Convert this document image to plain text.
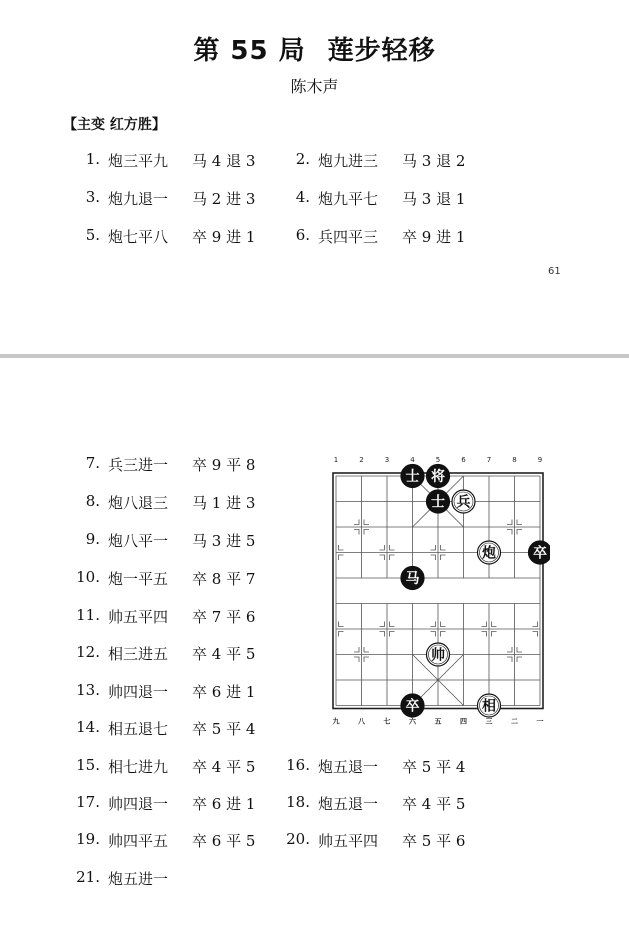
第 55 局 莲步轻移
陈木声
【主变 红方胜】
61
1. 炮三平九	马 4 退 3	2. 炮九进三	马 3 退 2
3. 炮九退一	马 2 进 3	4. 炮九平七	马 3 退 1
5. 炮七平八	卒 9 进 1	6. 兵四平三	卒 9 进 1
7. 兵三进一	卒 9 平 8
8. 炮八退三	马 1 进 3
9. 炮八平一	马 3 进 5
10. 炮一平五	卒 8 平 7
11. 帅五平四	卒 7 平 6
12. 相三进五	卒 4 平 5
13. 帅四退一	卒 6 进 1
14. 相五退七	卒 5 平 4
15. 相七进九	卒 4 平 5	16. 炮五退一	卒 5 平 4
17. 帅四退一	卒 6 进 1	18. 炮五退一	卒 4 平 5
19. 帅四平五	卒 6 平 5	20. 帅五平四	卒 5 平 6
21. 炮五进一
1	2	3	4	5	6	7	8	9
九	八	七	六	五	四	三	二	一
士 将
士 兵
炮	卒
马
帅
卒	相
